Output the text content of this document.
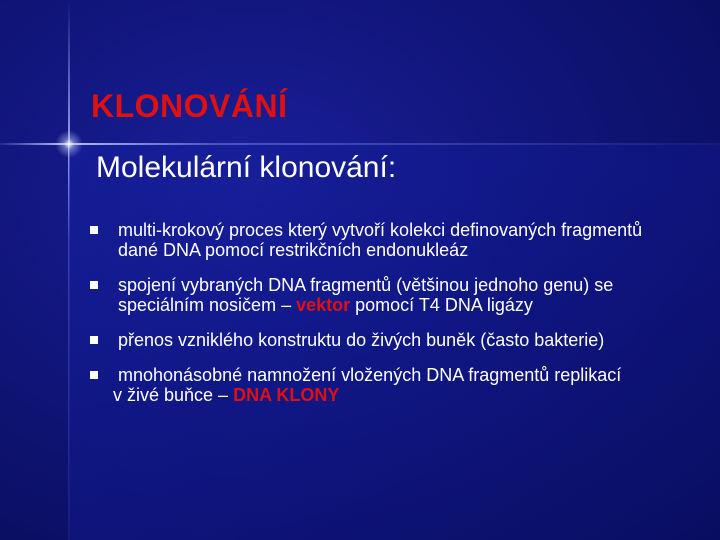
KLONOVÁNÍ
Molekulární klonování:
multi-krokový proces který vytvoří kolekci definovaných fragmentů
dané DNA pomocí restrikčních endonukleáz
spojení vybraných DNA fragmentů (většinou jednoho genu) se
speciálním nosičem – vektor pomocí T4 DNA ligázy
přenos vzniklého konstruktu do živých buněk (často bakterie)
mnohonásobné namnožení vložených DNA fragmentů replikací
v živé buňce – DNA KLONY
